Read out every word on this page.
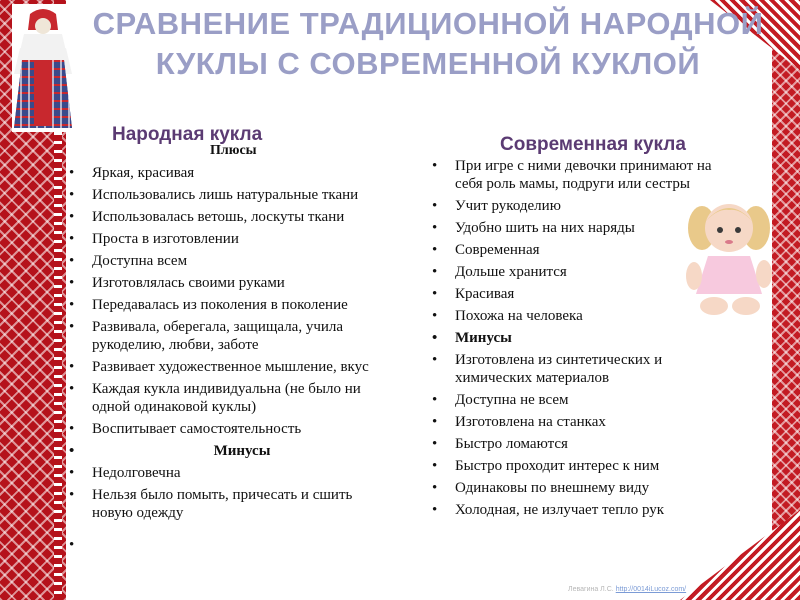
СРАВНЕНИЕ ТРАДИЦИОННОЙ НАРОДНОЙ КУКЛЫ С СОВРЕМЕННОЙ КУКЛОЙ
Народная кукла	Современная кукла
Плюсы
• Яркая, красивая
• Использовались лишь натуральные ткани
• Использовалась ветошь, лоскуты ткани
• Проста в изготовлении
• Доступна всем
• Изготовлялась своими руками
• Передавалась из поколения в поколение
• Развивала, оберегала, защищала, учила рукоделию, любви, заботе
• Развивает художественное мышление, вкус
• Каждая кукла индивидуальна (не было ни одной одинаковой куклы)
• Воспитывает самостоятельность
• Минусы
• Недолговечна
• Нельзя было помыть, причесать и сшить новую одежду
•
• При игре с ними девочки принимают на себя роль мамы, подруги или сестры
• Учит рукоделию
• Удобно шить на них наряды
• Современная
• Дольше хранится
• Красивая
• Похожа на человека
• Минусы
• Изготовлена из синтетических и химических материалов
• Доступна не всем
• Изготовлена на станках
• Быстро ломаются
• Быстро проходит интерес к ним
• Одинаковы по внешнему виду
• Холодная, не излучает тепло рук
Левагина Л.С. http://0014iLucoz.com/
